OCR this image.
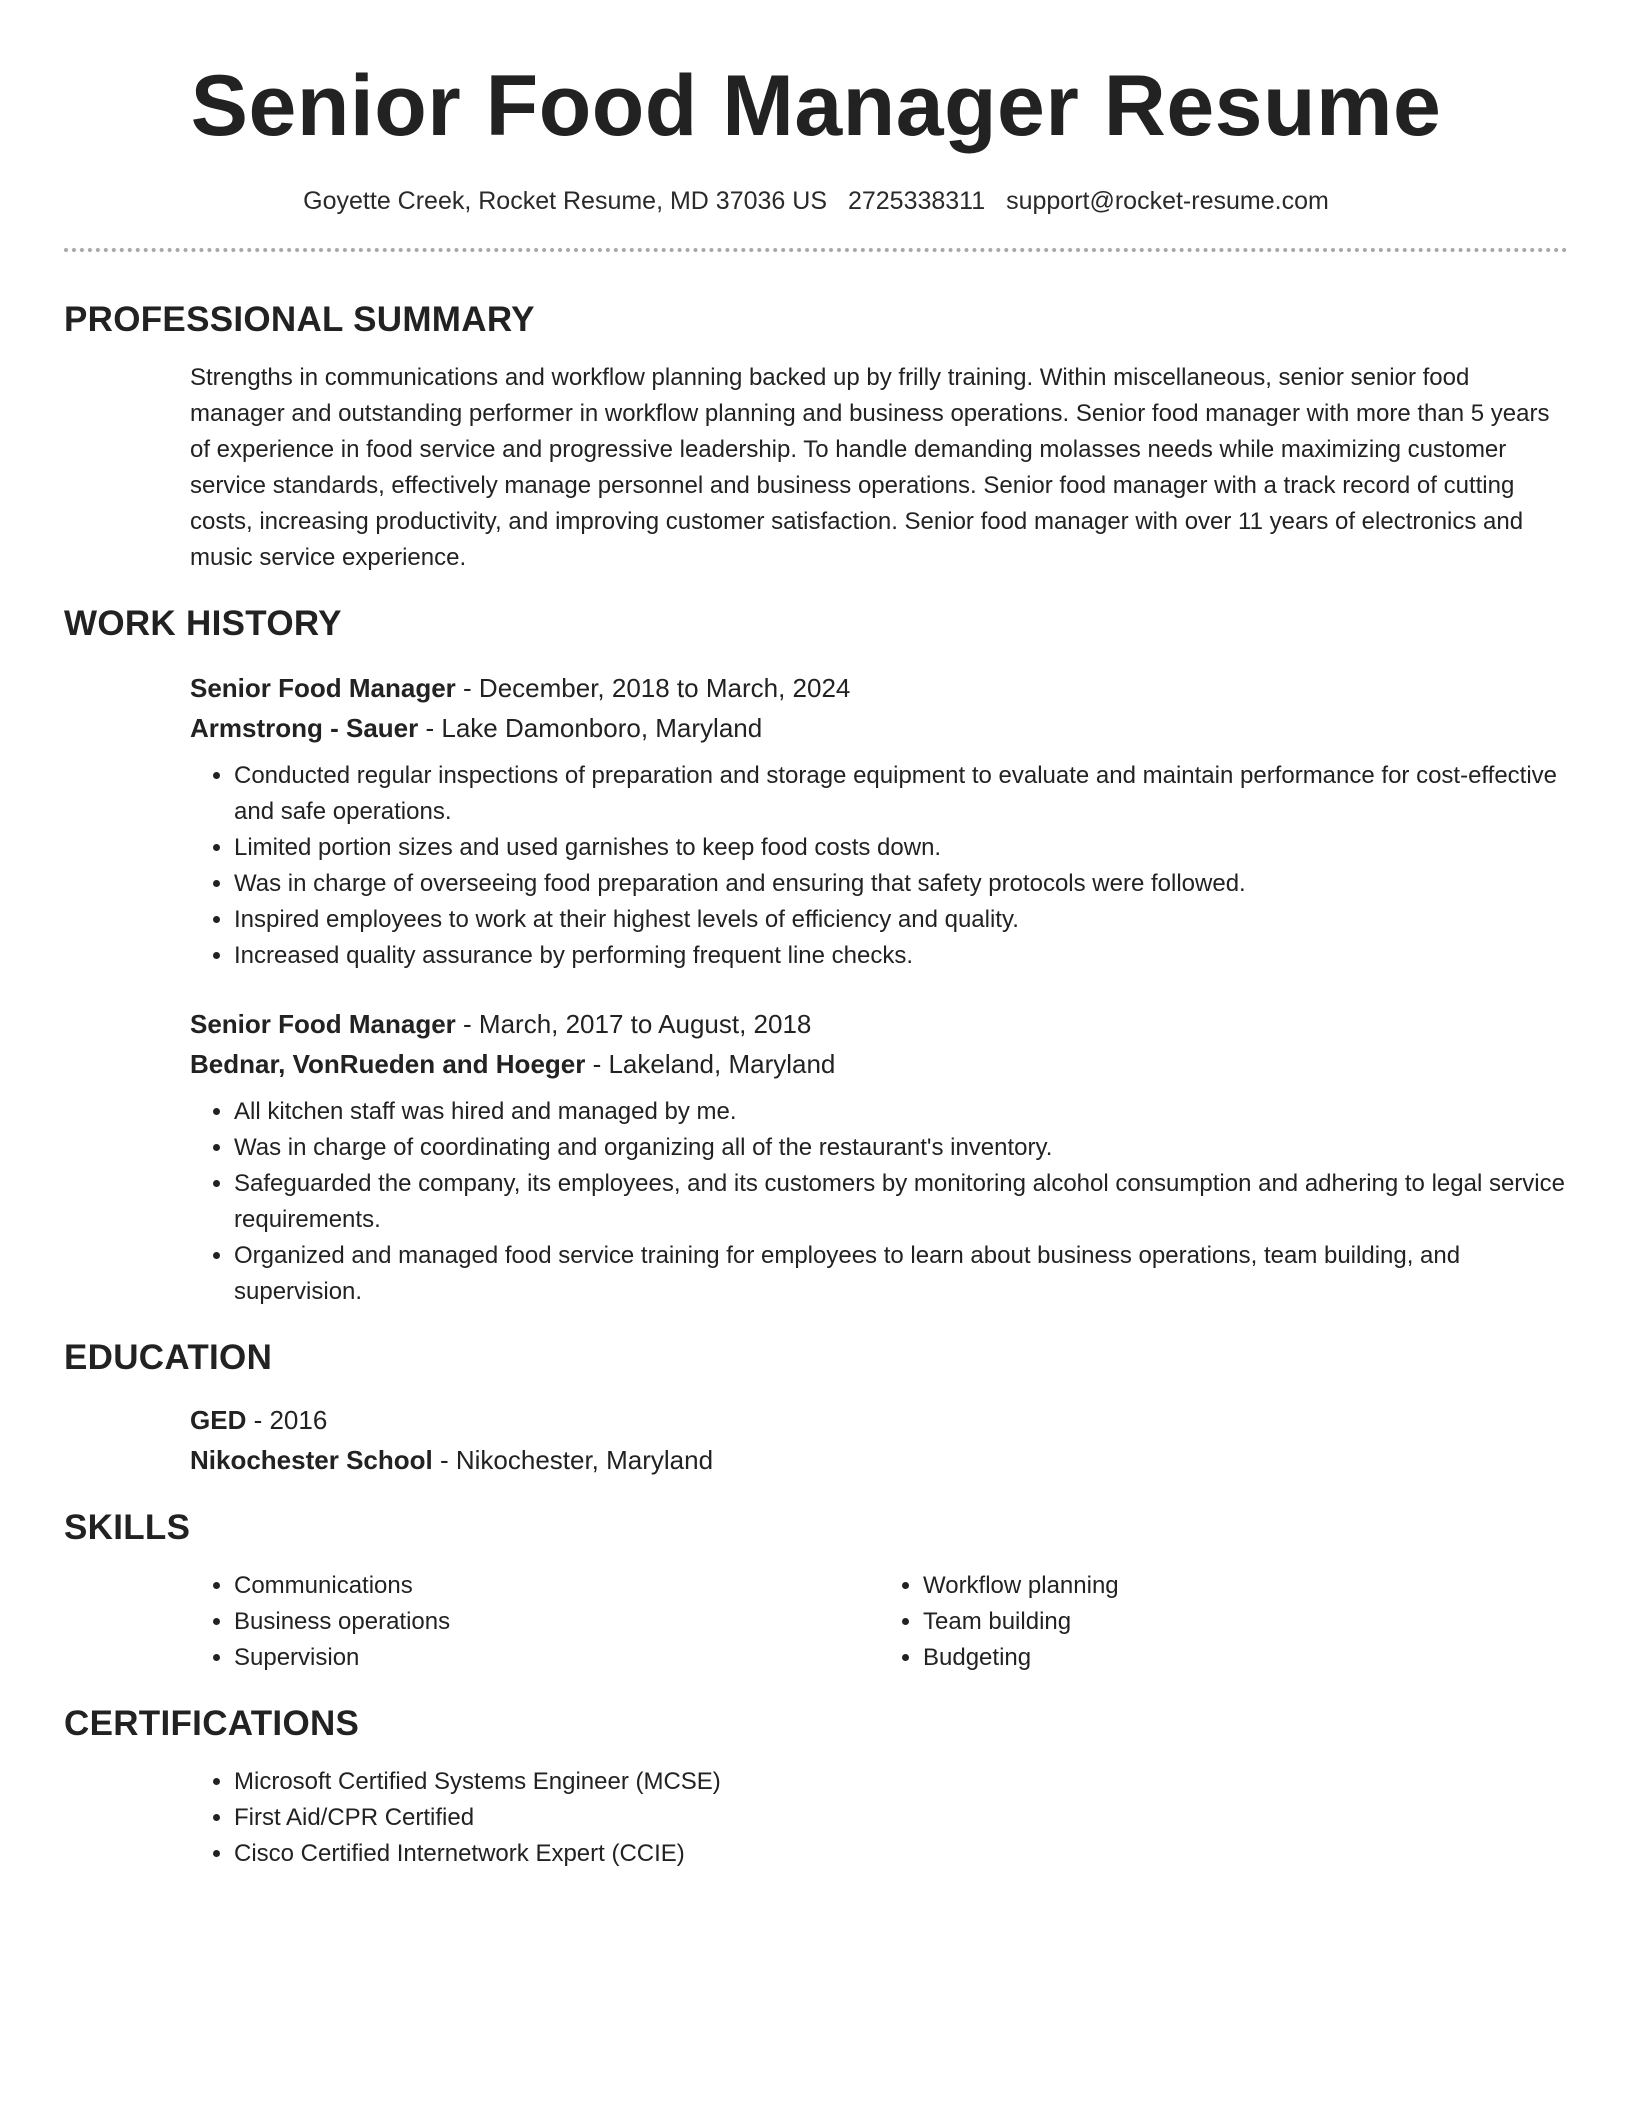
Senior Food Manager Resume
Goyette Creek, Rocket Resume, MD 37036 US 2725338311 support@rocket-resume.com
PROFESSIONAL SUMMARY

Strengths in communications and workflow planning backed up by frilly training. Within miscellaneous, senior senior food manager and outstanding performer in workflow planning and business operations. Senior food manager with more than 5 years of experience in food service and progressive leadership. To handle demanding molasses needs while maximizing customer service standards, effectively manage personnel and business operations. Senior food manager with a track record of cutting costs, increasing productivity, and improving customer satisfaction. Senior food manager with over 11 years of electronics and music service experience.

WORK HISTORY
Senior Food Manager - December, 2018 to March, 2024
Armstrong - Sauer - Lake Damonboro, Maryland
• Conducted regular inspections of preparation and storage equipment to evaluate and maintain performance for cost-effective and safe operations.
• Limited portion sizes and used garnishes to keep food costs down.
• Was in charge of overseeing food preparation and ensuring that safety protocols were followed.
• Inspired employees to work at their highest levels of efficiency and quality.
• Increased quality assurance by performing frequent line checks.
Senior Food Manager - March, 2017 to August, 2018
Bednar, VonRueden and Hoeger - Lakeland, Maryland
• All kitchen staff was hired and managed by me.
• Was in charge of coordinating and organizing all of the restaurant's inventory.
• Safeguarded the company, its employees, and its customers by monitoring alcohol consumption and adhering to legal service requirements.
• Organized and managed food service training for employees to learn about business operations, team building, and supervision.
EDUCATION
GED - 2016
Nikochester School - Nikochester, Maryland
SKILLS
• Communications
• Business operations
• Supervision
• Workflow planning
• Team building
• Budgeting
CERTIFICATIONS
• Microsoft Certified Systems Engineer (MCSE)
• First Aid/CPR Certified
• Cisco Certified Internetwork Expert (CCIE)
